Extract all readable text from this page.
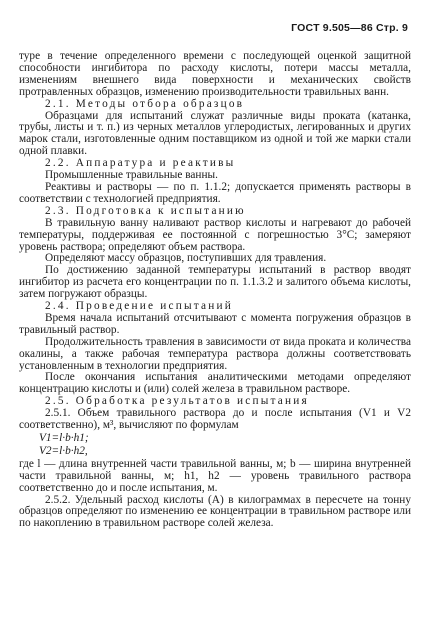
ГОСТ 9.505—86 Стр. 9

туре в течение определенного времени с последующей оценкой защитной способности ингибитора по расходу кислоты, потери массы металла, изменениям внешнего вида поверхности и механических свойств протравленных образцов, изменению производительности травильных ванн.

2.1. Методы отбора образцов

Образцами для испытаний служат различные виды проката (катанка, трубы, листы и т. п.) из черных металлов углеродистых, легированных и других марок стали, изготовленные одним поставщиком из одной и той же марки стали одной плавки.

2.2. Аппаратура и реактивы

Промышленные травильные ванны.

Реактивы и растворы — по п. 1.1.2; допускается применять растворы в соответствии с технологией предприятия.

2.3. Подготовка к испытанию

В травильную ванну наливают раствор кислоты и нагревают до рабочей температуры, поддерживая ее постоянной с погрешностью 3°С; замеряют уровень раствора; определяют объем раствора.

Определяют массу образцов, поступивших для травления.

По достижению заданной температуры испытаний в раствор вводят ингибитор из расчета его концентрации по п. 1.1.3.2 и залитого объема кислоты, затем погружают образцы.

2.4. Проведение испытаний

Время начала испытаний отсчитывают с момента погружения образцов в травильный раствор.

Продолжительность травления в зависимости от вида проката и количества окалины, а также рабочая температура раствора должны соответствовать установленным в технологии предприятия.

После окончания испытания аналитическими методами определяют концентрацию кислоты и (или) солей железа в травильном растворе.

2.5. Обработка результатов испытания

2.5.1. Объем травильного раствора до и после испытания (V1 и V2 соответственно), м³, вычисляют по формулам

V1=l·b·h1;

V2=l·b·h2,

где l — длина внутренней части травильной ванны, м; b — ширина внутренней части травильной ванны, м; h1, h2 — уровень травильного раствора соответственно до и после испытания, м.

2.5.2. Удельный расход кислоты (A) в килограммах в пересчете на тонну образцов определяют по изменению ее концентрации в травильном растворе или по накоплению в травильном растворе солей железа.
